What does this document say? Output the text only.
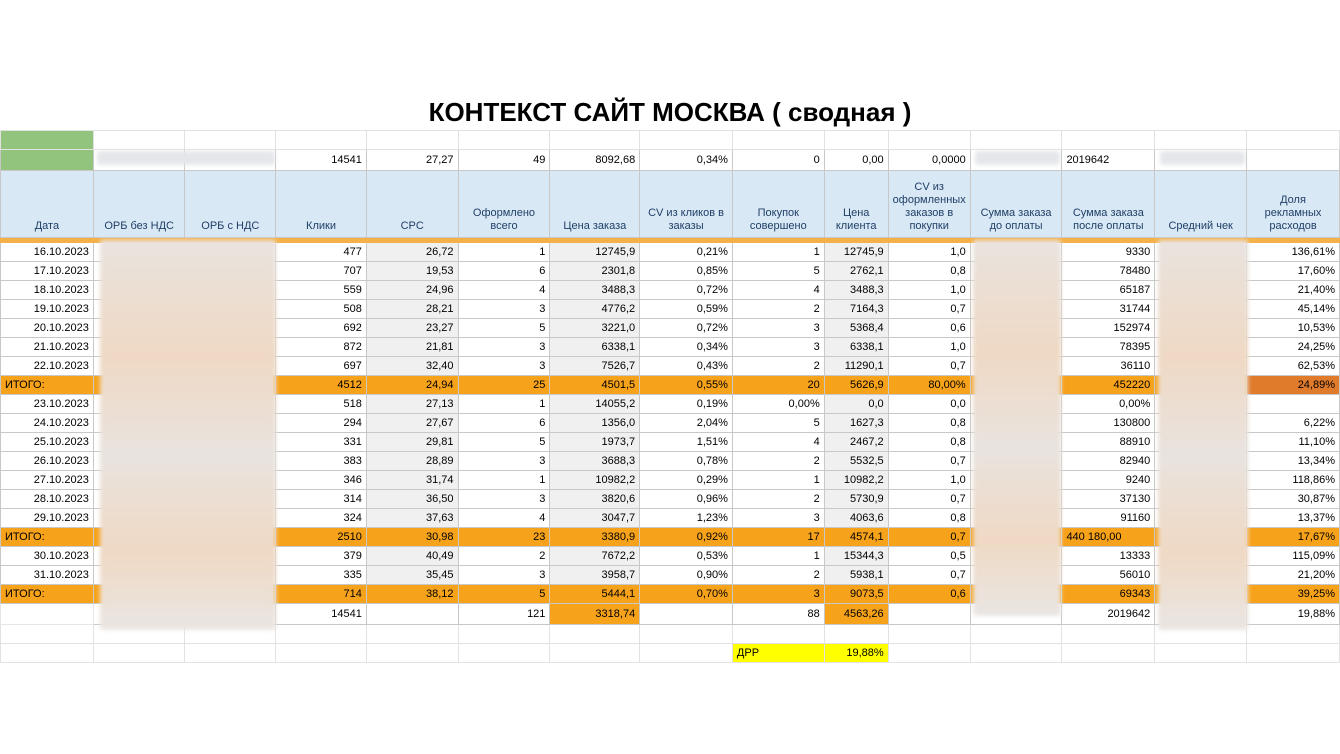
КОНТЕКСТ САЙТ МОСКВА ( сводная )

			14541	27,27	49	8092,68	0,34%	0	0,00	0,0000		2019642		
Дата	ОРБ без НДС	ОРБ с НДС	Клики	CPC	Оформлено всего	Цена заказа	CV из кликов в заказы	Покупок совершено	Цена клиента	CV из оформленных заказов в покупки	Сумма заказа до оплаты	Сумма заказа после оплаты	Средний чек	Доля рекламных расходов

16.10.2023			477	26,72	1	12745,9	0,21%	1	12745,9	1,0		9330		136,61%
17.10.2023			707	19,53	6	2301,8	0,85%	5	2762,1	0,8		78480		17,60%
18.10.2023			559	24,96	4	3488,3	0,72%	4	3488,3	1,0		65187		21,40%
19.10.2023			508	28,21	3	4776,2	0,59%	2	7164,3	0,7		31744		45,14%
20.10.2023			692	23,27	5	3221,0	0,72%	3	5368,4	0,6		152974		10,53%
21.10.2023			872	21,81	3	6338,1	0,34%	3	6338,1	1,0		78395		24,25%
22.10.2023			697	32,40	3	7526,7	0,43%	2	11290,1	0,7		36110		62,53%
ИТОГО:			4512	24,94	25	4501,5	0,55%	20	5626,9	80,00%		452220		24,89%
23.10.2023			518	27,13	1	14055,2	0,19%	0,00%	0,0	0,0		0,00%		
24.10.2023			294	27,67	6	1356,0	2,04%	5	1627,3	0,8		130800		6,22%
25.10.2023			331	29,81	5	1973,7	1,51%	4	2467,2	0,8		88910		11,10%
26.10.2023			383	28,89	3	3688,3	0,78%	2	5532,5	0,7		82940		13,34%
27.10.2023			346	31,74	1	10982,2	0,29%	1	10982,2	1,0		9240		118,86%
28.10.2023			314	36,50	3	3820,6	0,96%	2	5730,9	0,7		37130		30,87%
29.10.2023			324	37,63	4	3047,7	1,23%	3	4063,6	0,8		91160		13,37%
ИТОГО:			2510	30,98	23	3380,9	0,92%	17	4574,1	0,7		440 180,00		17,67%
30.10.2023			379	40,49	2	7672,2	0,53%	1	15344,3	0,5		13333		115,09%
31.10.2023			335	35,45	3	3958,7	0,90%	2	5938,1	0,7		56010		21,20%
ИТОГО:			714	38,12	5	5444,1	0,70%	3	9073,5	0,6		69343		39,25%
			14541		121	3318,74		88	4563,26			2019642		19,88%

								ДРР	19,88%					
